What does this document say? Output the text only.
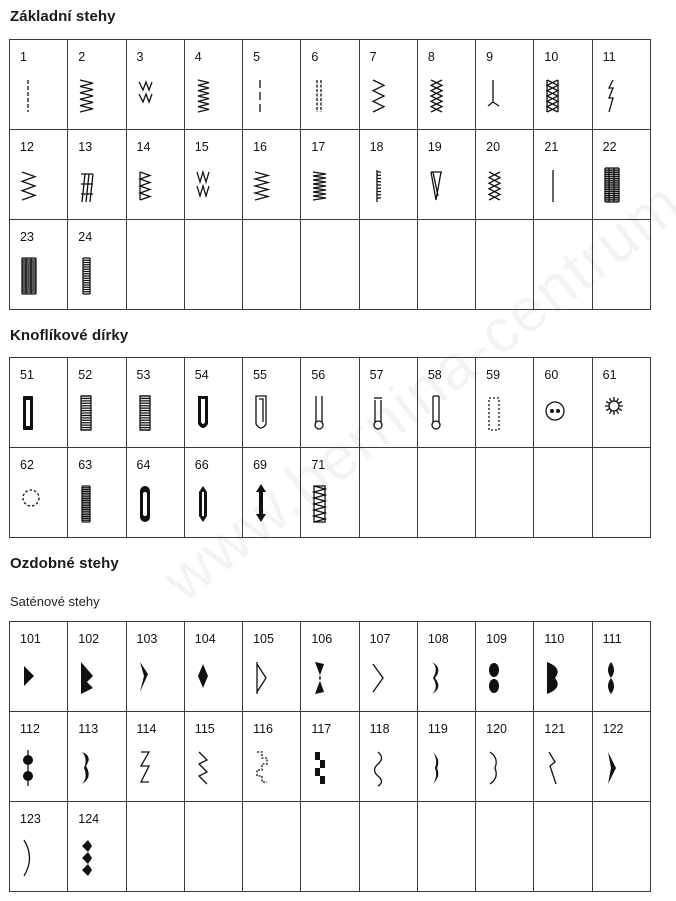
Základní stehy
1	2	3	4	5	6	7	8	9	10	11

12	13	14	15	16	17	18	19	20	21	22

23	24									

Knoflíkové dírky
51	52	53	54	55	56	57	58	59	60	61

62	63	64	66	69	71					

Ozdobné stehy
Saténové stehy
101	102	103	104	105	106	107	108	109	110	111

112	113	114	115	116	117	118	119	120	121	122

123	124									
